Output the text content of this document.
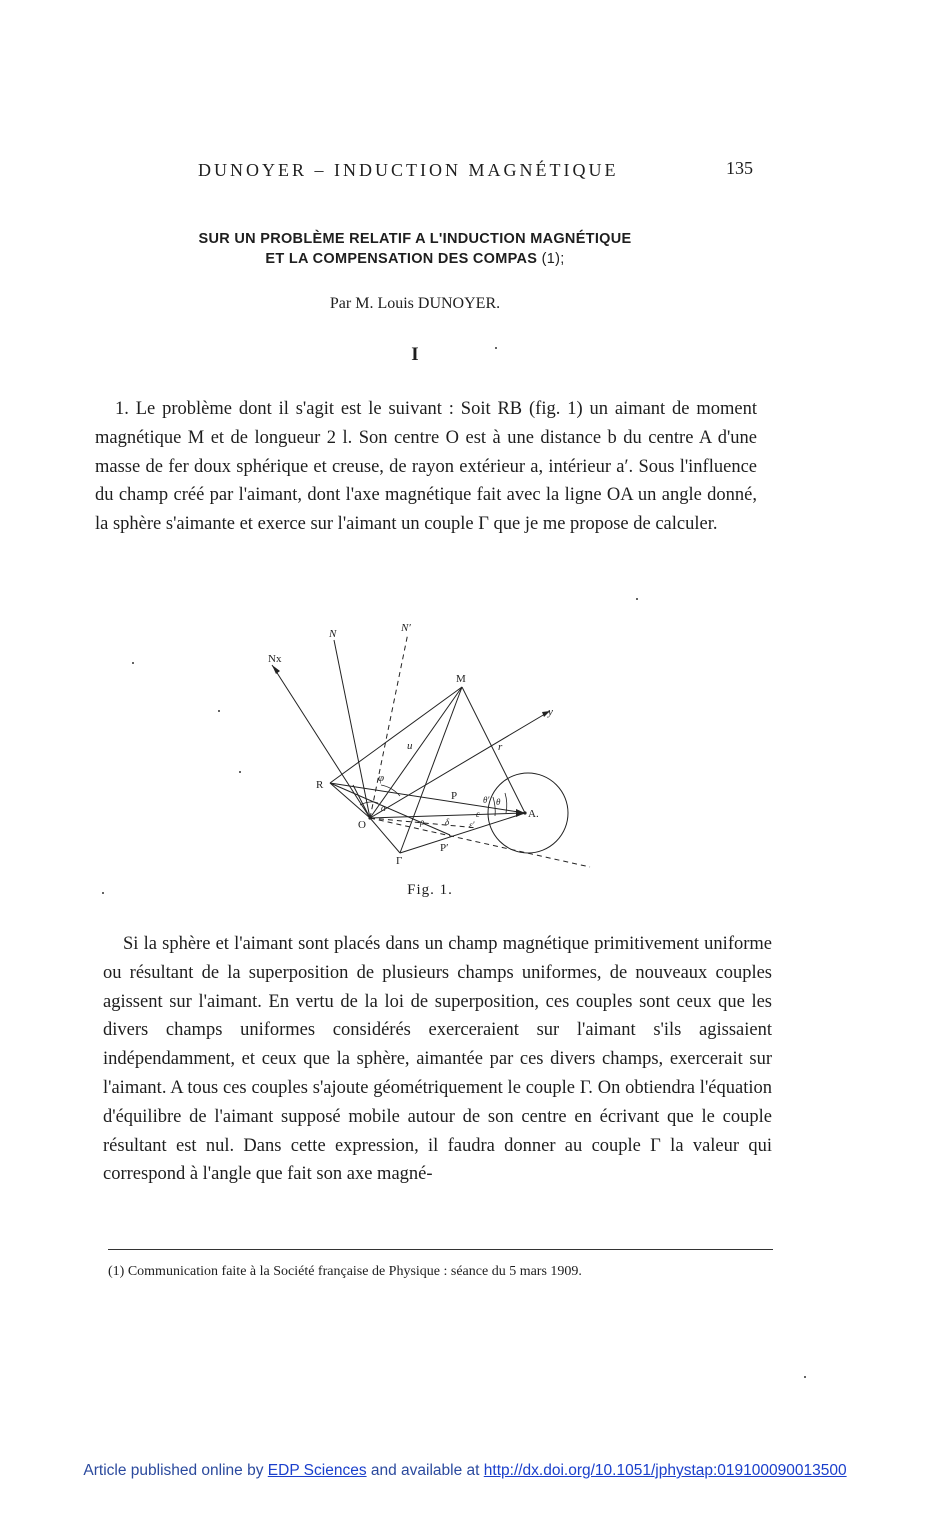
DUNOYER – INDUCTION MAGNÉTIQUE	135
SUR UN PROBLÈME RELATIF A L'INDUCTION MAGNÉTIQUE
ET LA COMPENSATION DES COMPAS (1);
Par M. Louis DUNOYER.
I
1. Le problème dont il s'agit est le suivant : Soit RB (fig. 1) un aimant de moment magnétique M et de longueur 2 l. Son centre O est à une distance b du centre A d'une masse de fer doux sphérique et creuse, de rayon extérieur a, intérieur a′. Sous l'influence du champ créé par l'aimant, dont l'axe magnétique fait avec la ligne OA un angle donné, la sphère s'aimante et exerce sur l'aimant un couple Γ que je me propose de calculer.
N	N′
Nx
M
y
R
O
A.
P
P′
Γ
u	r
φ
α
θ
θ′
ε
ε′
δ
ρ
Fig. 1.
Si la sphère et l'aimant sont placés dans un champ magnétique primitivement uniforme ou résultant de la superposition de plusieurs champs uniformes, de nouveaux couples agissent sur l'aimant. En vertu de la loi de superposition, ces couples sont ceux que les divers champs uniformes considérés exerceraient sur l'aimant s'ils agissaient indépendamment, et ceux que la sphère, aimantée par ces divers champs, exercerait sur l'aimant. A tous ces couples s'ajoute géométriquement le couple Γ. On obtiendra l'équation d'équilibre de l'aimant supposé mobile autour de son centre en écrivant que le couple résultant est nul. Dans cette expression, il faudra donner au couple Γ la valeur qui correspond à l'angle que fait son axe magné-
(1) Communication faite à la Société française de Physique : séance du 5 mars 1909.
Article published online by EDP Sciences and available at http://dx.doi.org/10.1051/jphystap:019100090013500
